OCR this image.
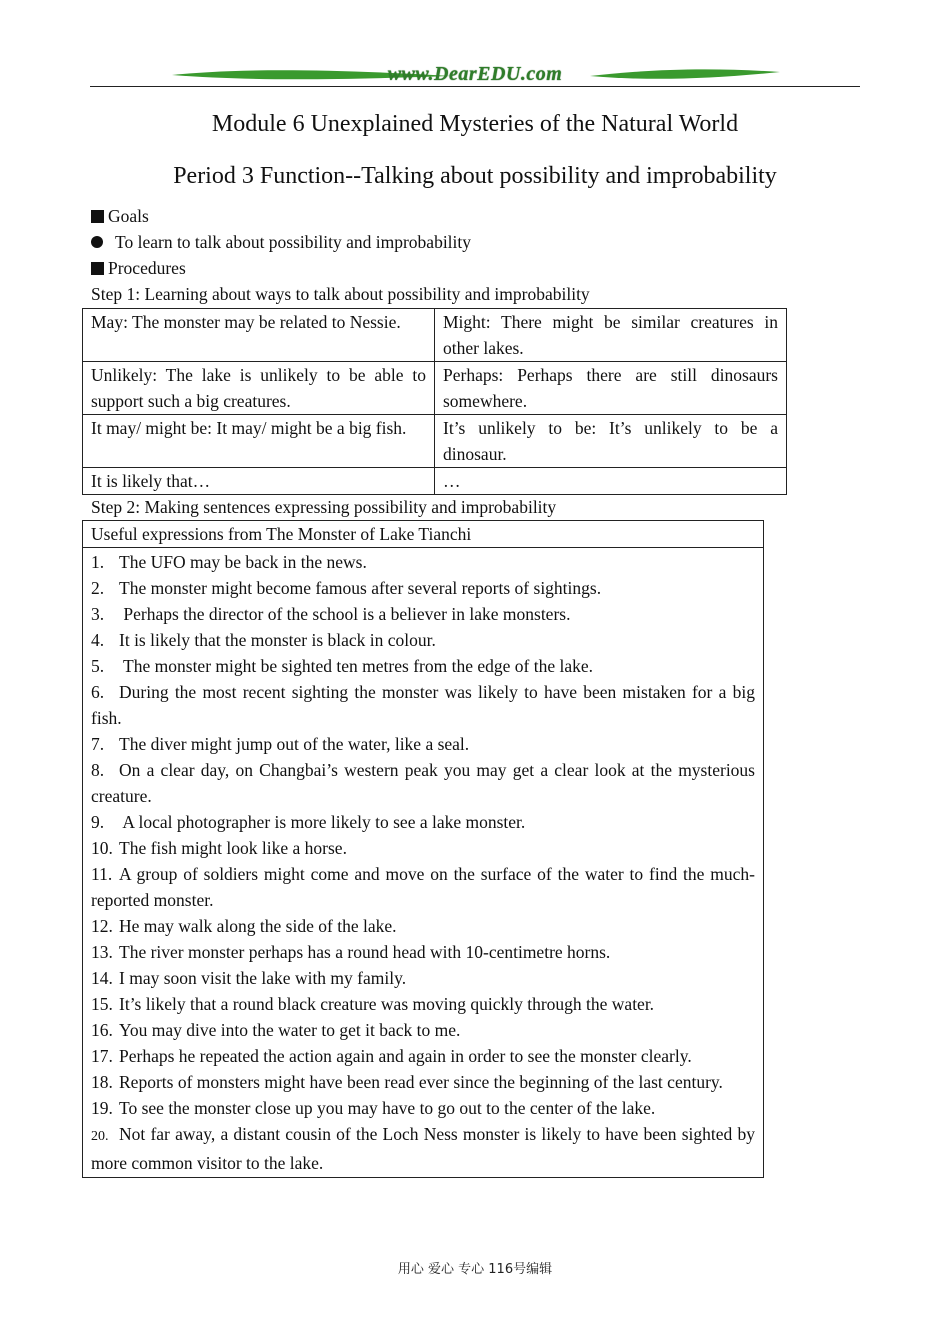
www.DearEDU.com
Module 6 Unexplained Mysteries of the Natural World
Period 3 Function--Talking about possibility and improbability
Goals
To learn to talk about possibility and improbability
Procedures
Step 1: Learning about ways to talk about possibility and improbability
May: The monster may be related to Nessie.	Might: There might be similar creatures in other lakes.
Unlikely: The lake is unlikely to be able to support such a big creatures.	Perhaps: Perhaps there are still dinosaurs somewhere.
It may/ might be: It may/ might be a big fish.	It’s unlikely to be: It’s unlikely to be a dinosaur.
It is likely that…	…
Step 2: Making sentences expressing possibility and improbability
Useful expressions from The Monster of Lake Tianchi
1. The UFO may be back in the news.
2. The monster might become famous after several reports of sightings.
3. Perhaps the director of the school is a believer in lake monsters.
4. It is likely that the monster is black in colour.
5. The monster might be sighted ten metres from the edge of the lake.
6. During the most recent sighting the monster was likely to have been mistaken for a big fish.
7. The diver might jump out of the water, like a seal.
8. On a clear day, on Changbai’s western peak you may get a clear look at the mysterious creature.
9. A local photographer is more likely to see a lake monster.
10. The fish might look like a horse.
11. A group of soldiers might come and move on the surface of the water to find the much-reported monster.
12. He may walk along the side of the lake.
13. The river monster perhaps has a round head with 10-centimetre horns.
14. I may soon visit the lake with my family.
15. It’s likely that a round black creature was moving quickly through the water.
16. You may dive into the water to get it back to me.
17. Perhaps he repeated the action again and again in order to see the monster clearly.
18. Reports of monsters might have been read ever since the beginning of the last century.
19. To see the monster close up you may have to go out to the center of the lake.
20. Not far away, a distant cousin of the Loch Ness monster is likely to have been sighted by more common visitor to the lake.
用心 爱心 专心 116号编辑
